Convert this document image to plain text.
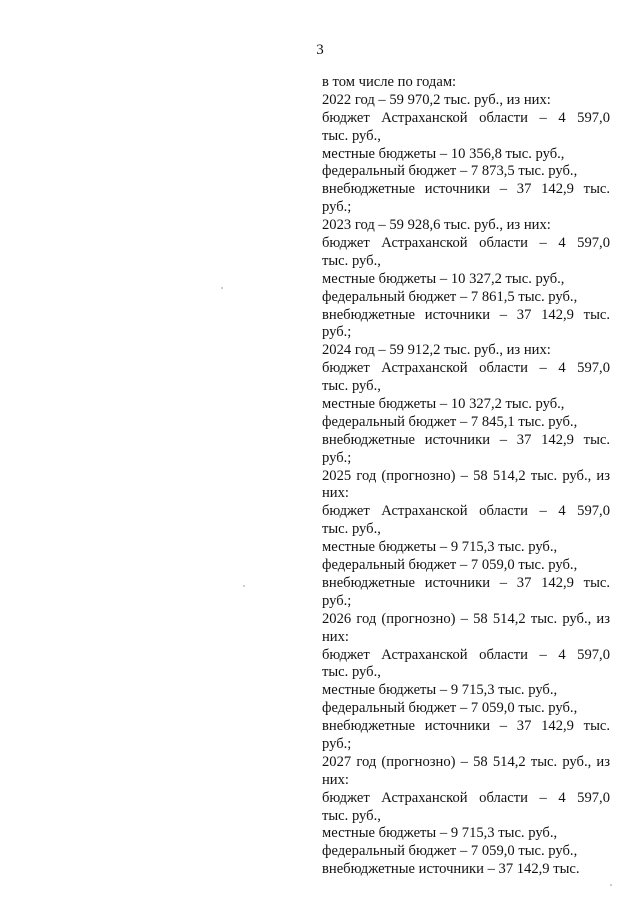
3
в том числе по годам:
2022 год – 59 970,2 тыс. руб., из них:
бюджет Астраханской области – 4 597,0
тыс. руб.,
местные бюджеты – 10 356,8 тыс. руб.,
федеральный бюджет – 7 873,5 тыс. руб.,
внебюджетные источники – 37 142,9 тыс.
руб.;
2023 год – 59 928,6 тыс. руб., из них:
бюджет Астраханской области – 4 597,0
тыс. руб.,
местные бюджеты – 10 327,2 тыс. руб.,
федеральный бюджет – 7 861,5 тыс. руб.,
внебюджетные источники – 37 142,9 тыс.
руб.;
2024 год – 59 912,2 тыс. руб., из них:
бюджет Астраханской области – 4 597,0
тыс. руб.,
местные бюджеты – 10 327,2 тыс. руб.,
федеральный бюджет – 7 845,1 тыс. руб.,
внебюджетные источники – 37 142,9 тыс.
руб.;
2025 год (прогнозно) – 58 514,2 тыс. руб., из
них:
бюджет Астраханской области – 4 597,0
тыс. руб.,
местные бюджеты – 9 715,3 тыс. руб.,
федеральный бюджет – 7 059,0 тыс. руб.,
внебюджетные источники – 37 142,9 тыс.
руб.;
2026 год (прогнозно) – 58 514,2 тыс. руб., из
них:
бюджет Астраханской области – 4 597,0
тыс. руб.,
местные бюджеты – 9 715,3 тыс. руб.,
федеральный бюджет – 7 059,0 тыс. руб.,
внебюджетные источники – 37 142,9 тыс.
руб.;
2027 год (прогнозно) – 58 514,2 тыс. руб., из
них:
бюджет Астраханской области – 4 597,0
тыс. руб.,
местные бюджеты – 9 715,3 тыс. руб.,
федеральный бюджет – 7 059,0 тыс. руб.,
внебюджетные источники – 37 142,9 тыс.
